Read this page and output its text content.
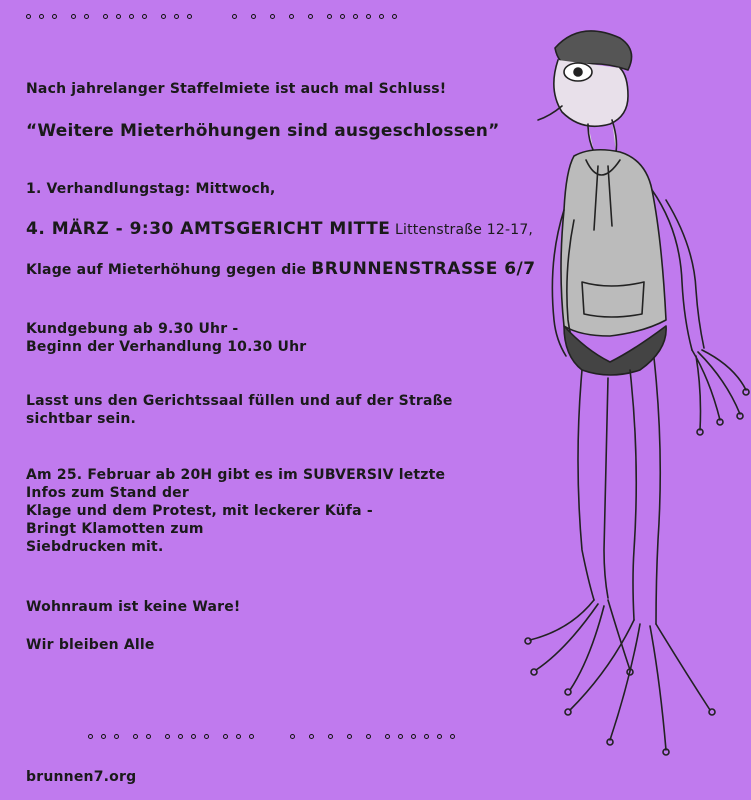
Nach jahrelanger Staffelmiete ist auch mal Schluss!
“Weitere Mieterhöhungen sind ausgeschlossen”
1. Verhandlungstag: Mittwoch,
4. MÄRZ - 9:30 AMTSGERICHT MITTE Littenstraße 12-17,
Klage auf Mieterhöhung gegen die BRUNNENSTRASSE 6/7
Kundgebung ab 9.30 Uhr -
Beginn der Verhandlung 10.30 Uhr
Lasst uns den Gerichtssaal füllen und auf der Straße
sichtbar sein.
Am 25. Februar ab 20H gibt es im SUBVERSIV letzte
Infos zum Stand der
Klage und dem Protest, mit leckerer Küfa -
Bringt Klamotten zum
Siebdrucken mit.
Wohnraum ist keine Ware!
Wir bleiben Alle
brunnen7.org
